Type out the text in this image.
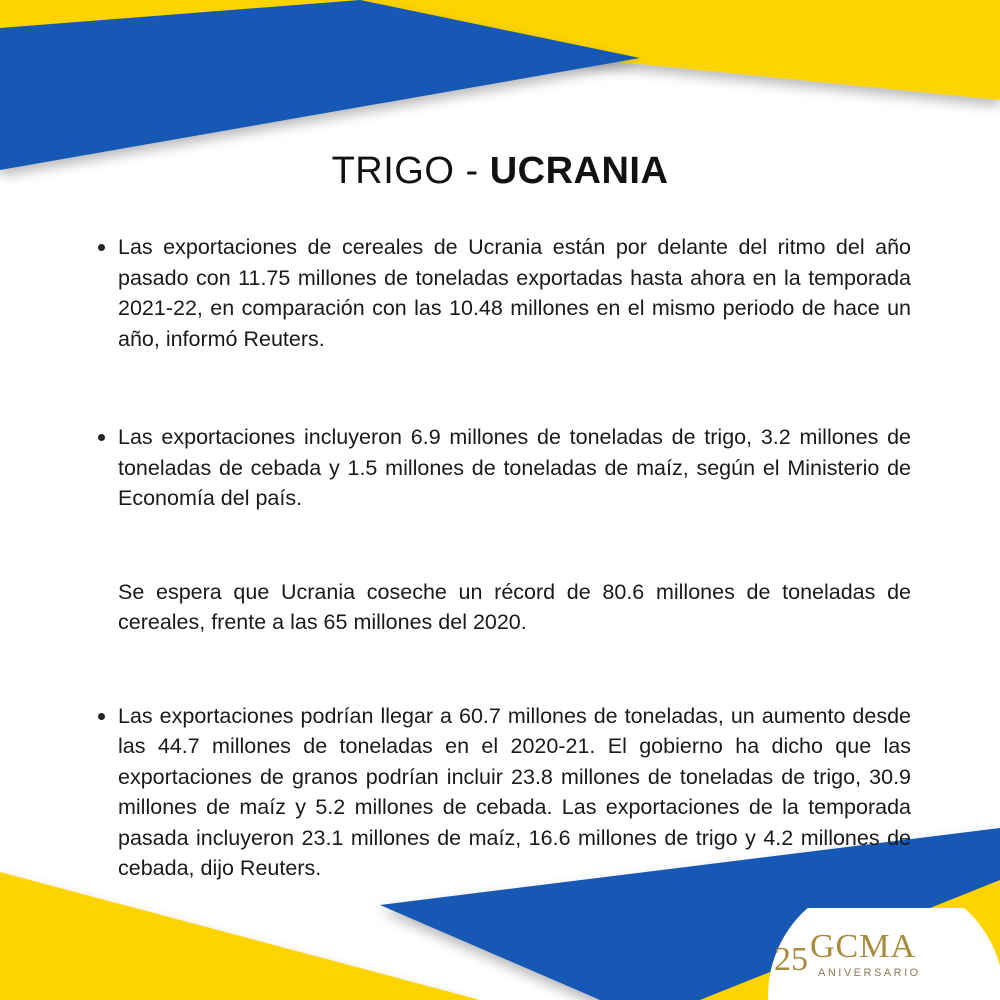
TRIGO - UCRANIA

Las exportaciones de cereales de Ucrania están por delante del ritmo del año pasado con 11.75 millones de toneladas exportadas hasta ahora en la temporada 2021-22, en comparación con las 10.48 millones en el mismo periodo de hace un año, informó Reuters.

Las exportaciones incluyeron 6.9 millones de toneladas de trigo, 3.2 millones de toneladas de cebada y 1.5 millones de toneladas de maíz, según el Ministerio de Economía del país.

Se espera que Ucrania coseche un récord de 80.6 millones de toneladas de cereales, frente a las 65 millones del 2020.

Las exportaciones podrían llegar a 60.7 millones de toneladas, un aumento desde las 44.7 millones de toneladas en el 2020-21. El gobierno ha dicho que las exportaciones de granos podrían incluir 23.8 millones de toneladas de trigo, 30.9 millones de maíz y 5.2 millones de cebada. Las exportaciones de la temporada pasada incluyeron 23.1 millones de maíz, 16.6 millones de trigo y 4.2 millones de cebada, dijo Reuters.

25 GCMA
ANIVERSARIO
